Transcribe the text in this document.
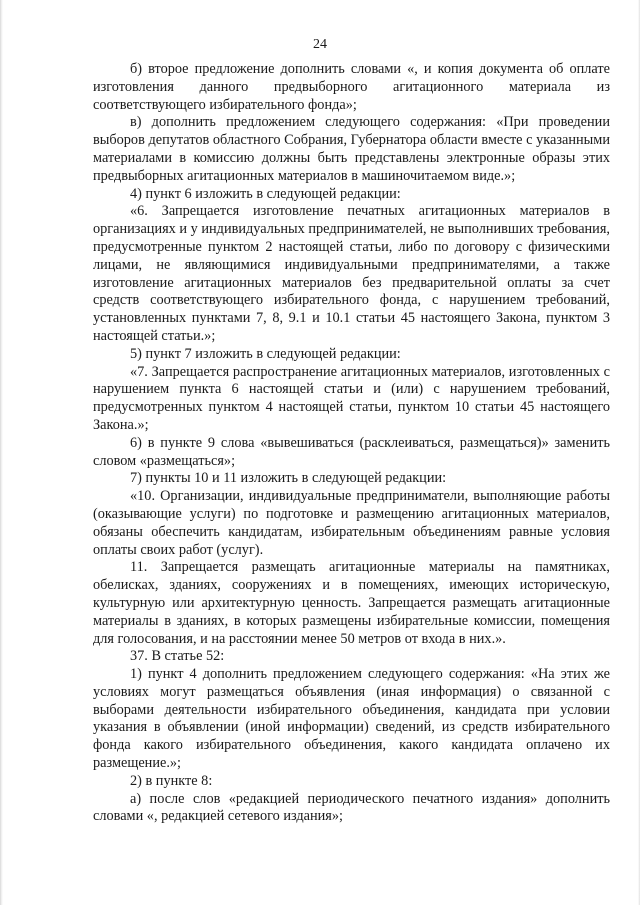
24

б) второе предложение дополнить словами «, и копия документа об оплате изготовления данного предвыборного агитационного материала из соответствующего избирательного фонда»;

в) дополнить предложением следующего содержания: «При проведении выборов депутатов областного Собрания, Губернатора области вместе с указанными материалами в комиссию должны быть представлены электронные образы этих предвыборных агитационных материалов в машиночитаемом виде.»;

4) пункт 6 изложить в следующей редакции:

«6. Запрещается изготовление печатных агитационных материалов в организациях и у индивидуальных предпринимателей, не выполнивших требования, предусмотренные пунктом 2 настоящей статьи, либо по договору с физическими лицами, не являющимися индивидуальными предпринимателями, а также изготовление агитационных материалов без предварительной оплаты за счет средств соответствующего избирательного фонда, с нарушением требований, установленных пунктами 7, 8, 9.1 и 10.1 статьи 45 настоящего Закона, пунктом 3 настоящей статьи.»;

5) пункт 7 изложить в следующей редакции:

«7. Запрещается распространение агитационных материалов, изготовленных с нарушением пункта 6 настоящей статьи и (или) с нарушением требований, предусмотренных пунктом 4 настоящей статьи, пунктом 10 статьи 45 настоящего Закона.»;

6) в пункте 9 слова «вывешиваться (расклеиваться, размещаться)» заменить словом «размещаться»;

7) пункты 10 и 11 изложить в следующей редакции:

«10. Организации, индивидуальные предприниматели, выполняющие работы (оказывающие услуги) по подготовке и размещению агитационных материалов, обязаны обеспечить кандидатам, избирательным объединениям равные условия оплаты своих работ (услуг).

11. Запрещается размещать агитационные материалы на памятниках, обелисках, зданиях, сооружениях и в помещениях, имеющих историческую, культурную или архитектурную ценность. Запрещается размещать агитационные материалы в зданиях, в которых размещены избирательные комиссии, помещения для голосования, и на расстоянии менее 50 метров от входа в них.».

37. В статье 52:

1) пункт 4 дополнить предложением следующего содержания: «На этих же условиях могут размещаться объявления (иная информация) о связанной с выборами деятельности избирательного объединения, кандидата при условии указания в объявлении (иной информации) сведений, из средств избирательного фонда какого избирательного объединения, какого кандидата оплачено их размещение.»;

2) в пункте 8:

а) после слов «редакцией периодического печатного издания» дополнить словами «, редакцией сетевого издания»;
